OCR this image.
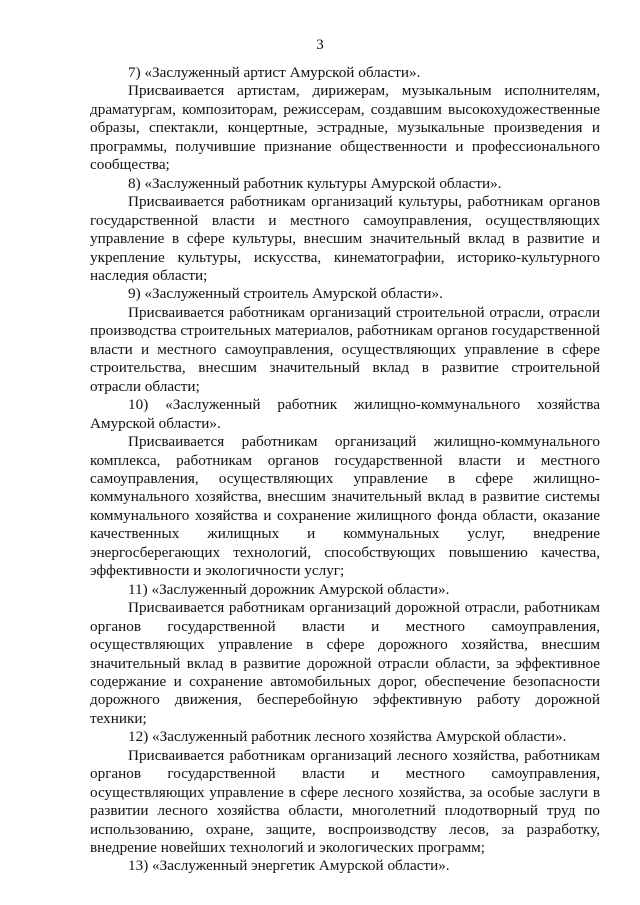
3

7) «Заслуженный артист Амурской области».

Присваивается артистам, дирижерам, музыкальным исполнителям, драматургам, композиторам, режиссерам, создавшим высокохудожественные образы, спектакли, концертные, эстрадные, музыкальные произведения и программы, получившие признание общественности и профессионального сообщества;

8) «Заслуженный работник культуры Амурской области».

Присваивается работникам организаций культуры, работникам органов государственной власти и местного самоуправления, осуществляющих управление в сфере культуры, внесшим значительный вклад в развитие и укрепление культуры, искусства, кинематографии, историко-культурного наследия области;

9) «Заслуженный строитель Амурской области».

Присваивается работникам организаций строительной отрасли, отрасли производства строительных материалов, работникам органов государственной власти и местного самоуправления, осуществляющих управление в сфере строительства, внесшим значительный вклад в развитие строительной отрасли области;

10) «Заслуженный работник жилищно-коммунального хозяйства Амурской области».

Присваивается работникам организаций жилищно-коммунального комплекса, работникам органов государственной власти и местного самоуправления, осуществляющих управление в сфере жилищно-коммунального хозяйства, внесшим значительный вклад в развитие системы коммунального хозяйства и сохранение жилищного фонда области, оказание качественных жилищных и коммунальных услуг, внедрение энергосберегающих технологий, способствующих повышению качества, эффективности и экологичности услуг;

11) «Заслуженный дорожник Амурской области».

Присваивается работникам организаций дорожной отрасли, работникам органов государственной власти и местного самоуправления, осуществляющих управление в сфере дорожного хозяйства, внесшим значительный вклад в развитие дорожной отрасли области, за эффективное содержание и сохранение автомобильных дорог, обеспечение безопасности дорожного движения, бесперебойную эффективную работу дорожной техники;

12) «Заслуженный работник лесного хозяйства Амурской области».

Присваивается работникам организаций лесного хозяйства, работникам органов государственной власти и местного самоуправления, осуществляющих управление в сфере лесного хозяйства, за особые заслуги в развитии лесного хозяйства области, многолетний плодотворный труд по использованию, охране, защите, воспроизводству лесов, за разработку, внедрение новейших технологий и экологических программ;

13) «Заслуженный энергетик Амурской области».
